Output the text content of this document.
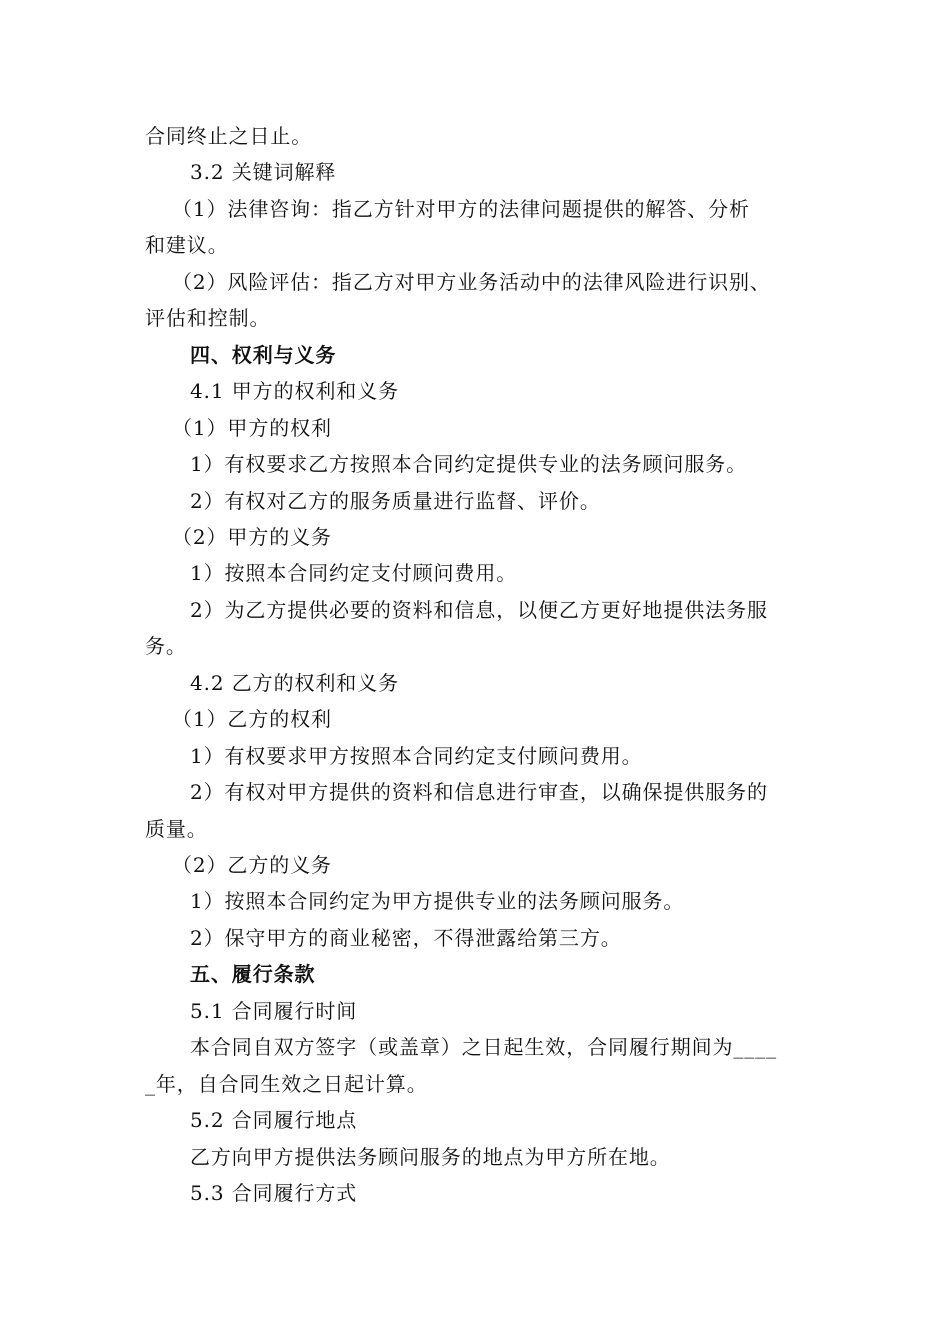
合同终止之日止。
3.2 关键词解释
（1）法律咨询：指乙方针对甲方的法律问题提供的解答、分析
和建议。
（2）风险评估：指乙方对甲方业务活动中的法律风险进行识别、
评估和控制。
四、权利与义务
4.1 甲方的权利和义务
（1）甲方的权利
1）有权要求乙方按照本合同约定提供专业的法务顾问服务。
2）有权对乙方的服务质量进行监督、评价。
（2）甲方的义务
1）按照本合同约定支付顾问费用。
2）为乙方提供必要的资料和信息，以便乙方更好地提供法务服
务。
4.2 乙方的权利和义务
（1）乙方的权利
1）有权要求甲方按照本合同约定支付顾问费用。
2）有权对甲方提供的资料和信息进行审查，以确保提供服务的
质量。
（2）乙方的义务
1）按照本合同约定为甲方提供专业的法务顾问服务。
2）保守甲方的商业秘密，不得泄露给第三方。
五、履行条款
5.1 合同履行时间
本合同自双方签字（或盖章）之日起生效，合同履行期间为____
_年，自合同生效之日起计算。
5.2 合同履行地点
乙方向甲方提供法务顾问服务的地点为甲方所在地。
5.3 合同履行方式
